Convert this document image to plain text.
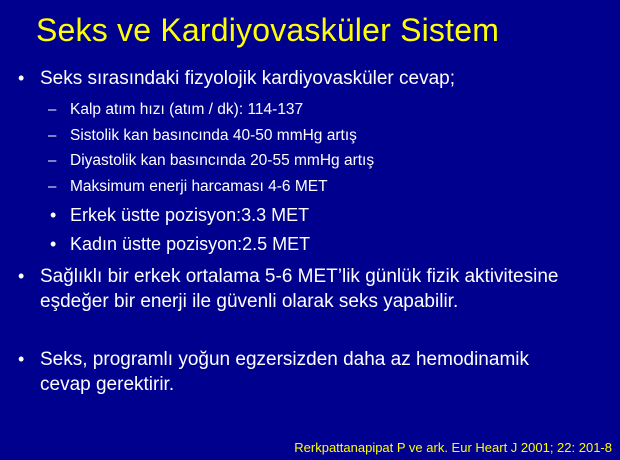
Seks ve Kardiyovasküler Sistem
• Seks sırasındaki fizyolojik kardiyovasküler cevap;
– Kalp atım hızı (atım / dk): 114-137
– Sistolik kan basıncında 40-50 mmHg artış
– Diyastolik kan basıncında 20-55 mmHg artış
– Maksimum enerji harcaması 4-6 MET
• Erkek üstte pozisyon:3.3 MET
• Kadın üstte pozisyon:2.5 MET
• Sağlıklı bir erkek ortalama 5-6 MET’lik günlük fizik aktivitesine
eşdeğer bir enerji ile güvenli olarak seks yapabilir.
• Seks, programlı yoğun egzersizden daha az hemodinamik
cevap gerektirir.
Rerkpattanapipat P ve ark. Eur Heart J 2001; 22: 201-8
